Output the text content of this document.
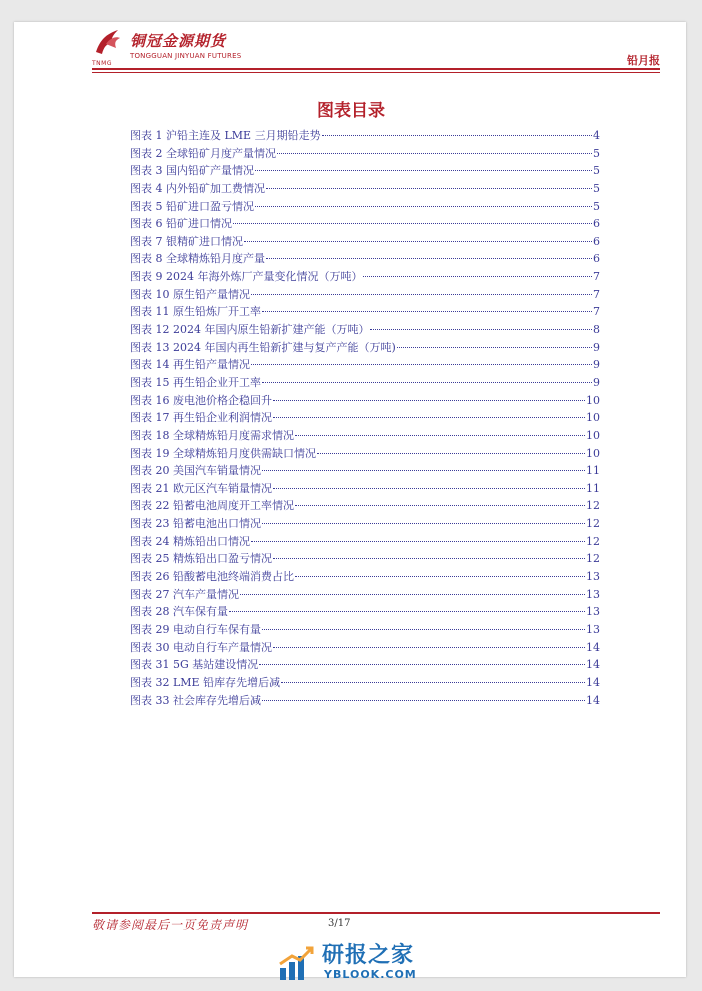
TNMG
铜冠金源期货
TONGGUAN JINYUAN FUTURES	铅月报
图表目录
图表 1 沪铅主连及 LME 三月期铅走势	4
图表 2 全球铅矿月度产量情况	5
图表 3 国内铅矿产量情况	5
图表 4 内外铅矿加工费情况	5
图表 5 铅矿进口盈亏情况	5
图表 6 铅矿进口情况	6
图表 7 银精矿进口情况	6
图表 8 全球精炼铅月度产量	6
图表 9 2024 年海外炼厂产量变化情况（万吨）	7
图表 10 原生铅产量情况	7
图表 11 原生铅炼厂开工率	7
图表 12 2024 年国内原生铅新扩建产能（万吨）	8
图表 13 2024 年国内再生铅新扩建与复产产能（万吨)	9
图表 14 再生铅产量情况	9
图表 15 再生铅企业开工率	9
图表 16 废电池价格企稳回升	10
图表 17 再生铅企业利润情况	10
图表 18 全球精炼铅月度需求情况	10
图表 19 全球精炼铅月度供需缺口情况	10
图表 20 美国汽车销量情况	11
图表 21 欧元区汽车销量情况	11
图表 22 铅蓄电池周度开工率情况	12
图表 23 铅蓄电池出口情况	12
图表 24 精炼铅出口情况	12
图表 25 精炼铅出口盈亏情况	12
图表 26 铅酸蓄电池终端消费占比	13
图表 27 汽车产量情况	13
图表 28 汽车保有量	13
图表 29 电动自行车保有量	13
图表 30 电动自行车产量情况	14
图表 31 5G 基站建设情况	14
图表 32 LME 铅库存先增后减	14
图表 33 社会库存先增后减	14
敬请参阅最后一页免责声明	3/17
研报之家
YBLOOK.COM
